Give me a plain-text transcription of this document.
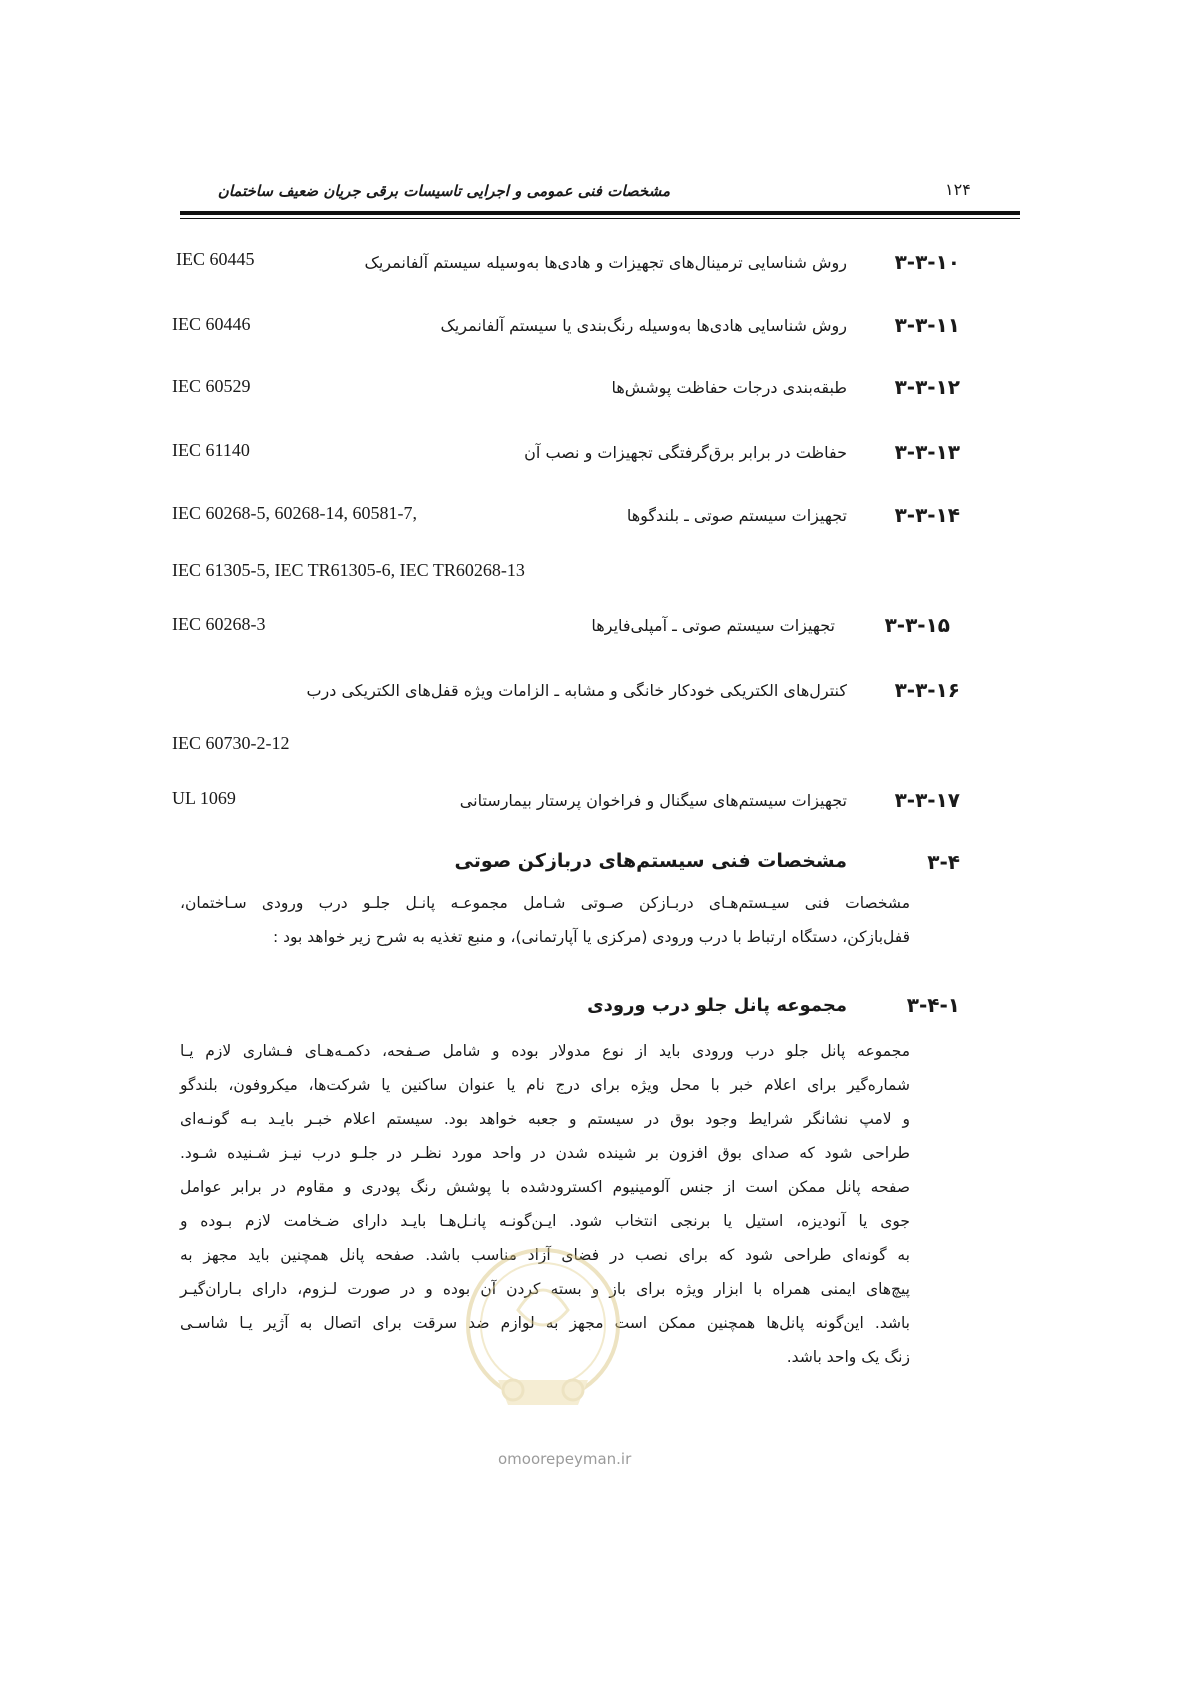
مشخصات فنی عمومی و اجرایی تاسیسات برقی جریان ضعیف ساختمان	۱۲۴
۳-۳-۱۰
روش شناسایی ترمینال‌های تجهیزات و هادی‌ها به‌وسیله سیستم آلفانمریک
IEC 60445
۳-۳-۱۱
روش شناسایی هادی‌ها به‌وسیله رنگ‌بندی یا سیستم آلفانمریک
IEC 60446
۳-۳-۱۲
طبقه‌بندی درجات حفاظت پوشش‌ها
IEC 60529
۳-۳-۱۳
حفاظت در برابر برق‌گرفتگی تجهیزات و نصب آن
IEC 61140
۳-۳-۱۴
تجهیزات سیستم صوتی ـ بلندگوها
IEC 60268-5, 60268-14, 60581-7,
IEC 61305-5, IEC TR61305-6, IEC TR60268-13
۳-۳-۱۵
تجهیزات سیستم صوتی ـ آمپلی‌فایرها
IEC 60268-3
۳-۳-۱۶
کنترل‌های الکتریکی خودکار خانگی و مشابه ـ الزامات ویژه قفل‌های الکتریکی درب
IEC 60730-2-12
۳-۳-۱۷
تجهیزات سیستم‌های سیگنال و فراخوان پرستار بیمارستانی
UL 1069
۳-۴
مشخصات فنی سیستم‌های دربازکن صوتی
مشخصات فنی سیـستم‌هـای دربـازکن صـوتی شـامل مجموعـه پانـل جلـو درب ورودی سـاختمان،
قفل‌بازکن، دستگاه ارتباط با درب ورودی (مرکزی یا آپارتمانی)، و منبع تغذیه به شرح زیر خواهد بود :
۳-۴-۱
مجموعه پانل جلو درب ورودی
مجموعه پانل جلو درب ورودی باید از نوع مدولار بوده و شامل صـفحه، دکمـه‌هـای فـشاری لازم یـا
شماره‌گیر برای اعلام خبر با محل ویژه برای درج نام یا عنوان ساکنین یا شرکت‌ها، میکروفون، بلندگو
و لامپ نشانگر شرایط وجود بوق در سیستم و جعبه خواهد بود. سیستم اعلام خبـر بایـد بـه گونـه‌ای
طراحی شود که صدای بوق افزون بر شینده شدن در واحد مورد نظـر در جلـو درب نیـز شـنیده شـود.
صفحه پانل ممکن است از جنس آلومینیوم اکسترودشده با پوشش رنگ پودری و مقاوم در برابر عوامل
جوی یا آنودیزه، استیل یا برنجی انتخاب شود. ایـن‌گونـه پانـل‌هـا بایـد دارای ضـخامت لازم بـوده و
به گونه‌ای طراحی شود که برای نصب در فضای آزاد مناسب باشد. صفحه پانل همچنین باید مجهز به
پیچ‌های ایمنی همراه با ابزار ویژه برای باز و بسته کردن آن بوده و در صورت لـزوم، دارای بـاران‌گیـر
باشد. این‌گونه پانل‌ها همچنین ممکن است مجهز به لوازم ضد سرقت برای اتصال به آژیر یـا شاسـی
زنگ یک واحد باشد.
omoorepeyman.ir
